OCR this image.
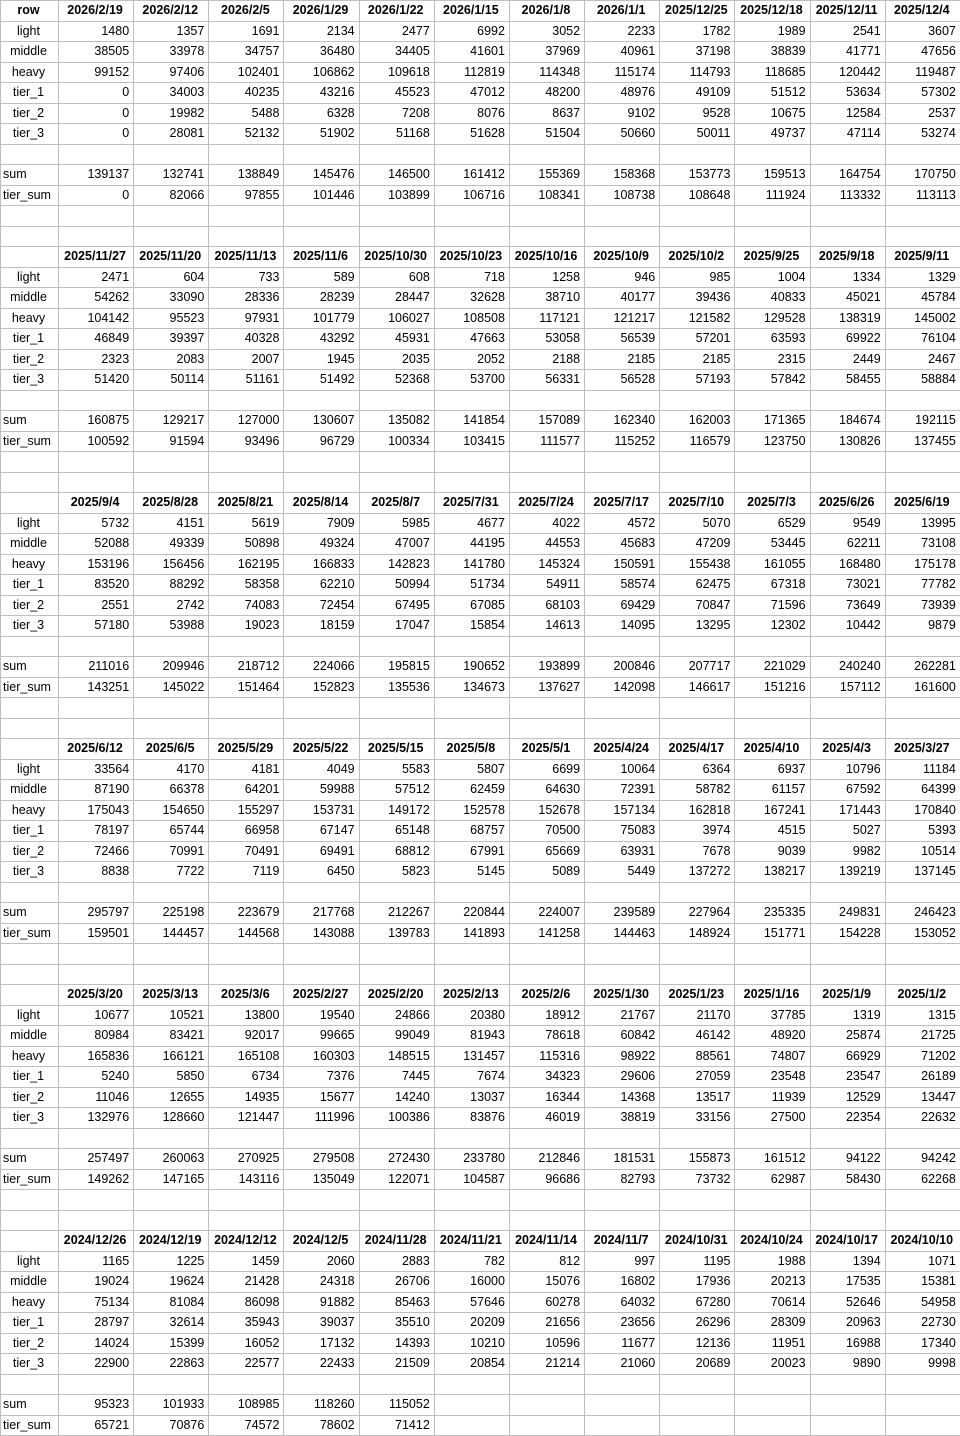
row	2026/2/19	2026/2/12	2026/2/5	2026/1/29	2026/1/22	2026/1/15	2026/1/8	2026/1/1	2025/12/25	2025/12/18	2025/12/11	2025/12/4
light	1480	1357	1691	2134	2477	6992	3052	2233	1782	1989	2541	3607
middle	38505	33978	34757	36480	34405	41601	37969	40961	37198	38839	41771	47656
heavy	99152	97406	102401	106862	109618	112819	114348	115174	114793	118685	120442	119487
tier_1	0	34003	40235	43216	45523	47012	48200	48976	49109	51512	53634	57302
tier_2	0	19982	5488	6328	7208	8076	8637	9102	9528	10675	12584	2537
tier_3	0	28081	52132	51902	51168	51628	51504	50660	50011	49737	47114	53274

sum	139137	132741	138849	145476	146500	161412	155369	158368	153773	159513	164754	170750
tier_sum	0	82066	97855	101446	103899	106716	108341	108738	108648	111924	113332	113113

	2025/11/27	2025/11/20	2025/11/13	2025/11/6	2025/10/30	2025/10/23	2025/10/16	2025/10/9	2025/10/2	2025/9/25	2025/9/18	2025/9/11
light	2471	604	733	589	608	718	1258	946	985	1004	1334	1329
middle	54262	33090	28336	28239	28447	32628	38710	40177	39436	40833	45021	45784
heavy	104142	95523	97931	101779	106027	108508	117121	121217	121582	129528	138319	145002
tier_1	46849	39397	40328	43292	45931	47663	53058	56539	57201	63593	69922	76104
tier_2	2323	2083	2007	1945	2035	2052	2188	2185	2185	2315	2449	2467
tier_3	51420	50114	51161	51492	52368	53700	56331	56528	57193	57842	58455	58884

sum	160875	129217	127000	130607	135082	141854	157089	162340	162003	171365	184674	192115
tier_sum	100592	91594	93496	96729	100334	103415	111577	115252	116579	123750	130826	137455

	2025/9/4	2025/8/28	2025/8/21	2025/8/14	2025/8/7	2025/7/31	2025/7/24	2025/7/17	2025/7/10	2025/7/3	2025/6/26	2025/6/19
light	5732	4151	5619	7909	5985	4677	4022	4572	5070	6529	9549	13995
middle	52088	49339	50898	49324	47007	44195	44553	45683	47209	53445	62211	73108
heavy	153196	156456	162195	166833	142823	141780	145324	150591	155438	161055	168480	175178
tier_1	83520	88292	58358	62210	50994	51734	54911	58574	62475	67318	73021	77782
tier_2	2551	2742	74083	72454	67495	67085	68103	69429	70847	71596	73649	73939
tier_3	57180	53988	19023	18159	17047	15854	14613	14095	13295	12302	10442	9879

sum	211016	209946	218712	224066	195815	190652	193899	200846	207717	221029	240240	262281
tier_sum	143251	145022	151464	152823	135536	134673	137627	142098	146617	151216	157112	161600

	2025/6/12	2025/6/5	2025/5/29	2025/5/22	2025/5/15	2025/5/8	2025/5/1	2025/4/24	2025/4/17	2025/4/10	2025/4/3	2025/3/27
light	33564	4170	4181	4049	5583	5807	6699	10064	6364	6937	10796	11184
middle	87190	66378	64201	59988	57512	62459	64630	72391	58782	61157	67592	64399
heavy	175043	154650	155297	153731	149172	152578	152678	157134	162818	167241	171443	170840
tier_1	78197	65744	66958	67147	65148	68757	70500	75083	3974	4515	5027	5393
tier_2	72466	70991	70491	69491	68812	67991	65669	63931	7678	9039	9982	10514
tier_3	8838	7722	7119	6450	5823	5145	5089	5449	137272	138217	139219	137145

sum	295797	225198	223679	217768	212267	220844	224007	239589	227964	235335	249831	246423
tier_sum	159501	144457	144568	143088	139783	141893	141258	144463	148924	151771	154228	153052

	2025/3/20	2025/3/13	2025/3/6	2025/2/27	2025/2/20	2025/2/13	2025/2/6	2025/1/30	2025/1/23	2025/1/16	2025/1/9	2025/1/2
light	10677	10521	13800	19540	24866	20380	18912	21767	21170	37785	1319	1315
middle	80984	83421	92017	99665	99049	81943	78618	60842	46142	48920	25874	21725
heavy	165836	166121	165108	160303	148515	131457	115316	98922	88561	74807	66929	71202
tier_1	5240	5850	6734	7376	7445	7674	34323	29606	27059	23548	23547	26189
tier_2	11046	12655	14935	15677	14240	13037	16344	14368	13517	11939	12529	13447
tier_3	132976	128660	121447	111996	100386	83876	46019	38819	33156	27500	22354	22632

sum	257497	260063	270925	279508	272430	233780	212846	181531	155873	161512	94122	94242
tier_sum	149262	147165	143116	135049	122071	104587	96686	82793	73732	62987	58430	62268

	2024/12/26	2024/12/19	2024/12/12	2024/12/5	2024/11/28	2024/11/21	2024/11/14	2024/11/7	2024/10/31	2024/10/24	2024/10/17	2024/10/10
light	1165	1225	1459	2060	2883	782	812	997	1195	1988	1394	1071
middle	19024	19624	21428	24318	26706	16000	15076	16802	17936	20213	17535	15381
heavy	75134	81084	86098	91882	85463	57646	60278	64032	67280	70614	52646	54958
tier_1	28797	32614	35943	39037	35510	20209	21656	23656	26296	28309	20963	22730
tier_2	14024	15399	16052	17132	14393	10210	10596	11677	12136	11951	16988	17340
tier_3	22900	22863	22577	22433	21509	20854	21214	21060	20689	20023	9890	9998

sum	95323	101933	108985	118260	115052							
tier_sum	65721	70876	74572	78602	71412							
